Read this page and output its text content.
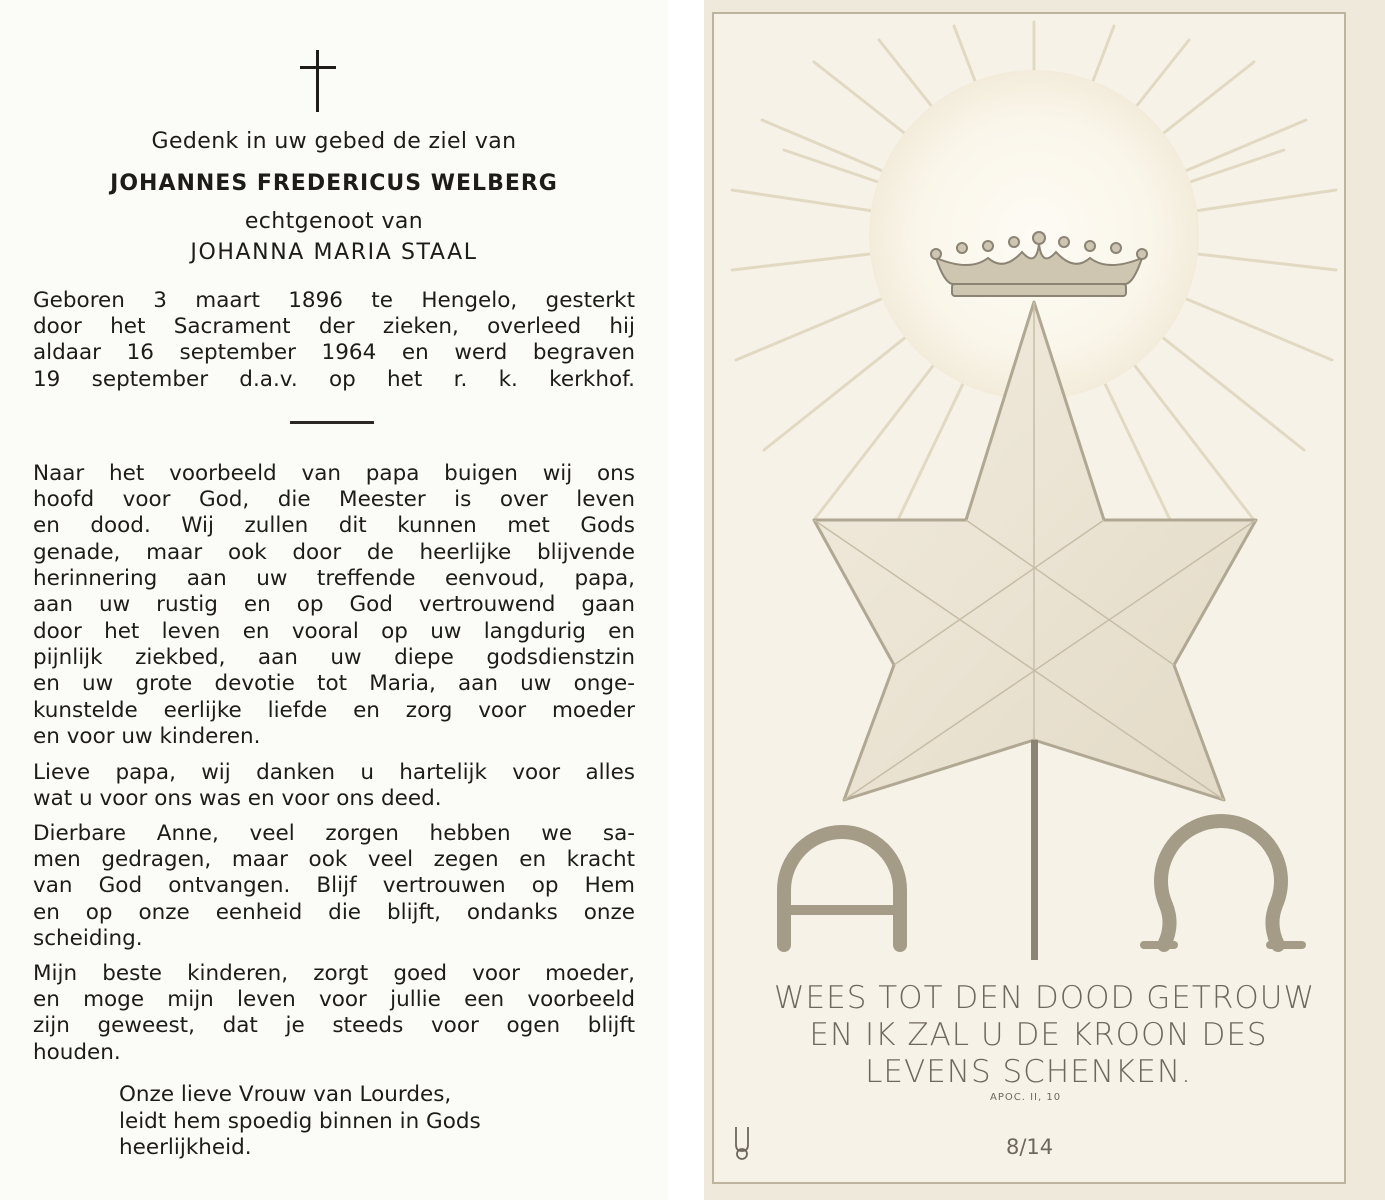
Gedenk in uw gebed de ziel van
JOHANNES FREDERICUS WELBERG
echtgenoot van
JOHANNA MARIA STAAL
Geboren 3 maart 1896 te Hengelo, gesterkt
door het Sacrament der zieken, overleed hij
aldaar 16 september 1964 en werd begraven
19 september d.a.v. op het r. k. kerkhof.
Naar het voorbeeld van papa buigen wij ons
hoofd voor God, die Meester is over leven
en dood. Wij zullen dit kunnen met Gods
genade, maar ook door de heerlijke blijvende
herinnering aan uw treffende eenvoud, papa,
aan uw rustig en op God vertrouwend gaan
door het leven en vooral op uw langdurig en
pijnlijk ziekbed, aan uw diepe godsdienstzin
en uw grote devotie tot Maria, aan uw onge-
kunstelde eerlijke liefde en zorg voor moeder
en voor uw kinderen.
Lieve papa, wij danken u hartelijk voor alles
wat u voor ons was en voor ons deed.
Dierbare Anne, veel zorgen hebben we sa-
men gedragen, maar ook veel zegen en kracht
van God ontvangen. Blijf vertrouwen op Hem
en op onze eenheid die blijft, ondanks onze
scheiding.
Mijn beste kinderen, zorgt goed voor moeder,
en moge mijn leven voor jullie een voorbeeld
zijn geweest, dat je steeds voor ogen blijft
houden.
Onze lieve Vrouw van Lourdes,
leidt hem spoedig binnen in Gods
heerlijkheid.
WEES TOT DEN DOOD GETROUW
EN IK ZAL U DE KROON DES
LEVENS SCHENKEN.
APOC. II, 10
8/14
